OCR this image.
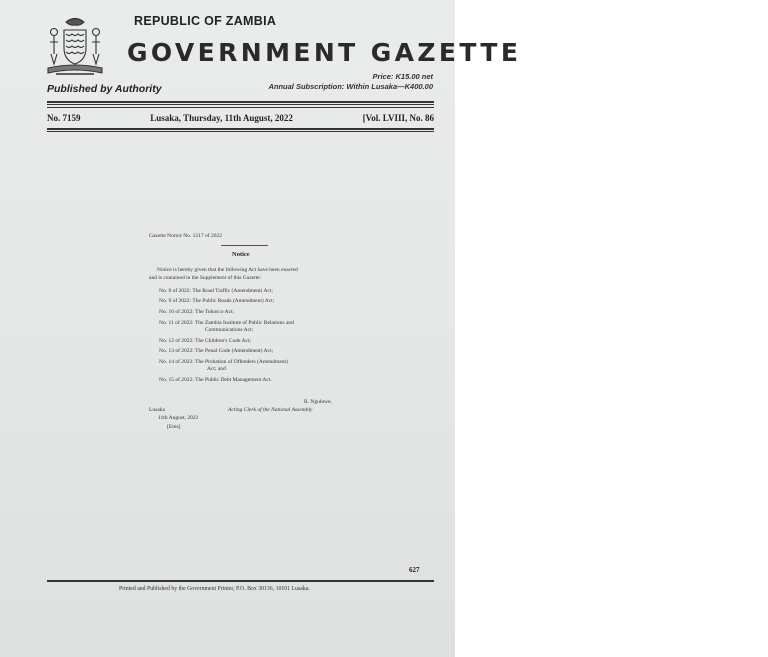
REPUBLIC OF ZAMBIA
GOVERNMENT GAZETTE
Published by Authority
Price: K15.00 net
Annual Subscription: Within Lusaka—K400.00
No. 7159	Lusaka, Thursday, 11th August, 2022	[Vol. LVIII, No. 86
Gazette Notice No. 1217 of 2022
Notice
Notice is hereby given that the following Act have been enacted
and is contained in the Supplement of this Gazette:
No. 8 of 2022: The Road Traffic (Amendment) Act;
No. 9 of 2022: The Public Roads (Amendment) Act;
No. 10 of 2022: The Tobacco Act;
No. 11 of 2022: The Zambia Institute of Public Relations and
Communications Act;
No. 12 of 2022: The Children's Code Act;
No. 13 of 2022: The Penal Code (Amendment) Act;
No. 14 of 2022: The Probation of Offenders (Amendment)
Act; and
No. 15 of 2022: The Public Debt Management Act.
R. Nguluwe,
Lusaka	Acting Clerk of the National Assembly
11th August, 2022
[Ems]
627
Printed and Published by the Government Printer, P.O. Box 30136, 10101 Lusaka.
